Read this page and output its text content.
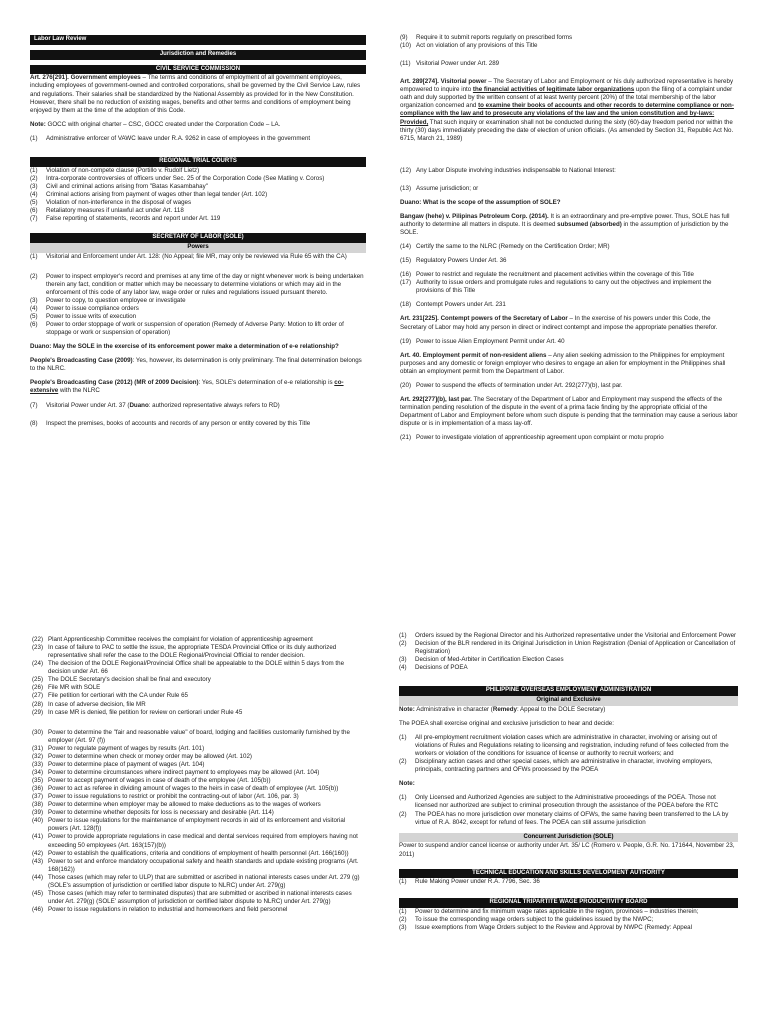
Labor Law Review
Jurisdiction and Remedies
CIVIL SERVICE COMMISSION

Art. 276[291]. Government employees – The terms and conditions of employment of all government employees, including employees of government-owned and controlled corporations, shall be governed by the Civil Service Law, rules and regulations. Their salaries shall be standardized by the National Assembly as provided for in the New Constitution. However, there shall be no reduction of existing wages, benefits and other terms and conditions of employment being enjoyed by them at the time of the adoption of this Code.

Note: GOCC with original charter – CSC, GOCC created under the Corporation Code – LA.

(1)	Administrative enforcer of VAWC leave under R.A. 9262 in case of employees in the government
REGIONAL TRIAL COURTS
(1)	Violation of non-compete clause (Portillo v. Rudolf Lietz)
(2)	Intra-corporate controversies of officers under Sec. 25 of the Corporation Code (See Matling v. Coros)
(3)	Civil and criminal actions arising from "Batas Kasambahay"
(4)	Criminal actions arising from payment of wages other than legal tender (Art. 102)
(5)	Violation of non-interference in the disposal of wages
(6)	Retaliatory measures if unlawful act under Art. 118
(7)	False reporting of statements, records and report under Art. 119
SECRETARY OF LABOR (SOLE)
Powers
(1)	Visitorial and Enforcement under Art. 128: (No Appeal; file MR, may only be reviewed via Rule 65 with the CA)
(2)	Power to inspect employer's record and premises at any time of the day or night whenever work is being undertaken therein any fact, condition or matter which may be necessary to determine violations or which may aid in the enforcement of this code of any labor law, wage order or rules and regulations issued pursuant thereto.
(3)	Power to copy, to question employee or investigate
(4)	Power to issue compliance orders
(5)	Power to issue writs of execution
(6)	Power to order stoppage of work or suspension of operation (Remedy of Adverse Party: Motion to lift order of stoppage or work or suspension of operation)

Duano: May the SOLE in the exercise of its enforcement power make a determination of e-e relationship?

People's Broadcasting Case (2009): Yes, however, its determination is only preliminary. The final determination belongs to the NLRC.

People's Broadcasting Case (2012) (MR of 2009 Decision): Yes, SOLE's determination of e-e relationship is co-extensive with the NLRC

(7)	Visitorial Power under Art. 37 (Duano: authorized representative always refers to RD)
(8)	Inspect the premises, books of accounts and records of any person or entity covered by this Title
(9)	Require it to submit reports regularly on prescribed forms
(10) Act on violation of any provisions of this Title
(11) Visitorial Power under Art. 289

Art. 289[274]. Visitorial power – The Secretary of Labor and Employment or his duly authorized representative is hereby empowered to inquire into the financial activities of legitimate labor organizations upon the filing of a complaint under oath and duly supported by the written consent of at least twenty percent (20%) of the total membership of the labor organization concerned and to examine their books of accounts and other records to determine compliance or non-compliance with the law and to prosecute any violations of the law and the union constitution and by-laws: Provided, That such inquiry or examination shall not be conducted during the sixty (60)-day freedom period nor within the thirty (30) days immediately preceding the date of election of union officials. (As amended by Section 31, Republic Act No. 6715, March 21, 1989)

(12) Any Labor Dispute involving industries indispensable to National Interest:
(13) Assume jurisdiction; or

Duano: What is the scope of the assumption of SOLE?

Bangaw (hehe) v. Pilipinas Petroleum Corp. (2014). It is an extraordinary and pre-emptive power. Thus, SOLE has full authority to determine all matters in dispute. It is deemed subsumed (absorbed) in the assumption of jurisdiction by the SOLE.

(14) Certify the same to the NLRC (Remedy on the Certification Order; MR)
(15) Regulatory Powers Under Art. 36
(16) Power to restrict and regulate the recruitment and placement activities within the coverage of this Title
(17) Authority to issue orders and promulgate rules and regulations to carry out the objectives and implement the provisions of this Title
(18) Contempt Powers under Art. 231

Art. 231[225]. Contempt powers of the Secretary of Labor – In the exercise of his powers under this Code, the Secretary of Labor may hold any person in direct or indirect contempt and impose the appropriate penalties therefor.

(19) Power to issue Alien Employment Permit under Art. 40

Art. 40. Employment permit of non-resident aliens – Any alien seeking admission to the Philippines for employment purposes and any domestic or foreign employer who desires to engage an alien for employment in the Philippines shall obtain an employment permit from the Department of Labor.

(20) Power to suspend the effects of termination under Art. 292(277)(b), last par.

Art. 292[277](b), last par. The Secretary of the Department of Labor and Employment may suspend the effects of the termination pending resolution of the dispute in the event of a prima facie finding by the appropriate official of the Department of Labor and Employment before whom such dispute is pending that the termination may cause a serious labor dispute or is in implementation of a mass lay-off.

(21) Power to investigate violation of apprenticeship agreement upon complaint or motu proprio
(22) Plant Apprenticeship Committee receives the complaint for violation of apprenticeship agreement
(23) In case of failure to PAC to settle the issue, the appropriate TESDA Provincial Office or its duly authorized representative shall refer the case to the DOLE Regional/Provincial Official to render decision.
(24) The decision of the DOLE Regional/Provincial Office shall be appealable to the DOLE within 5 days from the decision under Art. 66
(25) The DOLE Secretary's decision shall be final and executory
(26) File MR with SOLE
(27) File petition for certiorari with the CA under Rule 65
(28) In case of adverse decision, file MR
(29) In case MR is denied, file petition for review on certiorari under Rule 45
(30) Power to determine the "fair and reasonable value" of board, lodging and facilities customarily furnished by the employer (Art. 97 (f))
(31) Power to regulate payment of wages by results (Art. 101)
(32) Power to determine when check or money order may be allowed (Art. 102)
(33) Power to determine place of payment of wages (Art. 104)
(34) Power to determine circumstances where indirect payment to employees may be allowed (Art. 104)
(35) Power to accept payment of wages in case of death of the employee (Art. 105(b))
(36) Power to act as referee in dividing amount of wages to the heirs in case of death of employee (Art. 105(b))
(37) Power to issue regulations to restrict or prohibit the contracting-out of labor (Art. 106, par. 3)
(38) Power to determine when employer may be allowed to make deductions as to the wages of workers
(39) Power to determine whether deposits for loss is necessary and desirable (Art. 114)
(40) Power to issue regulations for the maintenance of employment records in aid of its enforcement and visitorial powers (Art. 128(f))
(41) Power to provide appropriate regulations in case medical and dental services required from employers having not exceeding 50 employees (Art. 163(157)(b))
(42) Power to establish the qualifications, criteria and conditions of employment of health personnel (Art. 166(160))
(43) Power to set and enforce mandatory occupational safety and health standards and update existing programs (Art. 168(162))
(44) Those cases (which may refer to ULP) that are submitted or ascribed in national interests cases under Art. 279 (g) (SOLE's assumption of jurisdiction or certified labor dispute to NLRC) under Art. 279(g)
(45) Those cases (which may refer to terminated disputes) that are submitted or ascribed in national interests cases under Art. 279(g) (SOLE' assumption of jurisdiction or certified labor dispute to NLRC) under Art. 279(g)
(46) Power to issue regulations in relation to industrial and homeworkers and field personnel
(1)	Orders issued by the Regional Director and his Authorized representative under the Visitorial and Enforcement Power
(2)	Decision of the BLR rendered in its Original Jurisdiction in Union Registration (Denial of Application or Cancellation of Registration)
(3)	Decision of Med-Arbiter in Certification Election Cases
(4)	Decisions of POEA
PHILIPPINE OVERSEAS EMPLOYMENT ADMINISTRATION
Original and Exclusive

Note: Administrative in character (Remedy: Appeal to the DOLE Secretary)

The POEA shall exercise original and exclusive jurisdiction to hear and decide:

(1)	All pre-employment recruitment violation cases which are administrative in character, involving or arising out of violations of Rules and Regulations relating to licensing and registration, including refund of fees collected from the workers or violation of the conditions for issuance of license or authority to recruit workers; and
(2)	Disciplinary action cases and other special cases, which are administrative in character, involving employers, principals, contracting partners and OFWs processed by the POEA

Note:

(1)	Only Licensed and Authorized Agencies are subject to the Administrative proceedings of the POEA. Those not licensed nor authorized are subject to criminal prosecution through the assistance of the POEA before the RTC
(2)	The POEA has no more jurisdiction over monetary claims of OFWs, the same having been transferred to the LA by virtue of R.A. 8042, except for refund of fees. The POEA can still assume jurisdiction
Concurrent Jurisdiction (SOLE)

Power to suspend and/or cancel license or authority under Art. 35/ LC (Romero v. People, G.R. No. 171644, November 23, 2011)

TECHNICAL EDUCATION AND SKILLS DEVELOPMENT AUTHORITY
(1)	Rule Making Power under R.A. 7796, Sec. 36
REGIONAL TRIPARTITE WAGE PRODUCTIVITY BOARD
(1)	Power to determine and fix minimum wage rates applicable in the region, provinces – industries therein;
(2)	To issue the corresponding wage orders subject to the guidelines issued by the NWPC;
(3)	Issue exemptions from Wage Orders subject to the Review and Approval by NWPC (Remedy: Appeal
